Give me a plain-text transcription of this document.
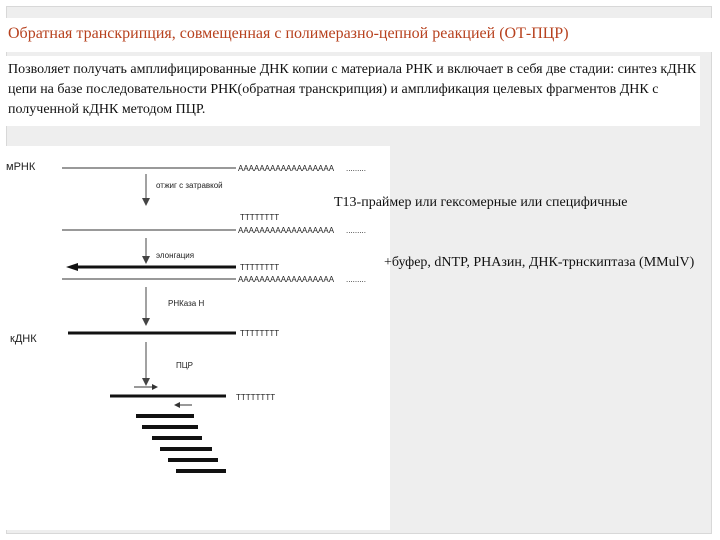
Обратная транскрипция, совмещенная с полимеразно-цепной реакцией (ОТ-ПЦР)

Позволяет получать амплифицированные ДНК копии с материала РНК и включает в себя две стадии: синтез кДНК цепи на базе последовательности РНК(обратная транскрипция) и амплификация целевых фрагментов ДНК с полученной кДНК методом ПЦР.

мРНК	AAAAAAAAAAAAAAAAAA .........
отжиг с затравкой
TTTTTTTT
AAAAAAAAAAAAAAAAAA .........
элонгация
TTTTTTTT
AAAAAAAAAAAAAAAAAA .........
РНКаза Н
кДНК	TTTTTTTT
ПЦР
TTTTTTTT

Т13-праймер или гексомерные или специфичные

+буфер, dNTP, РНАзин, ДНК-трнскиптаза (MMulV)
